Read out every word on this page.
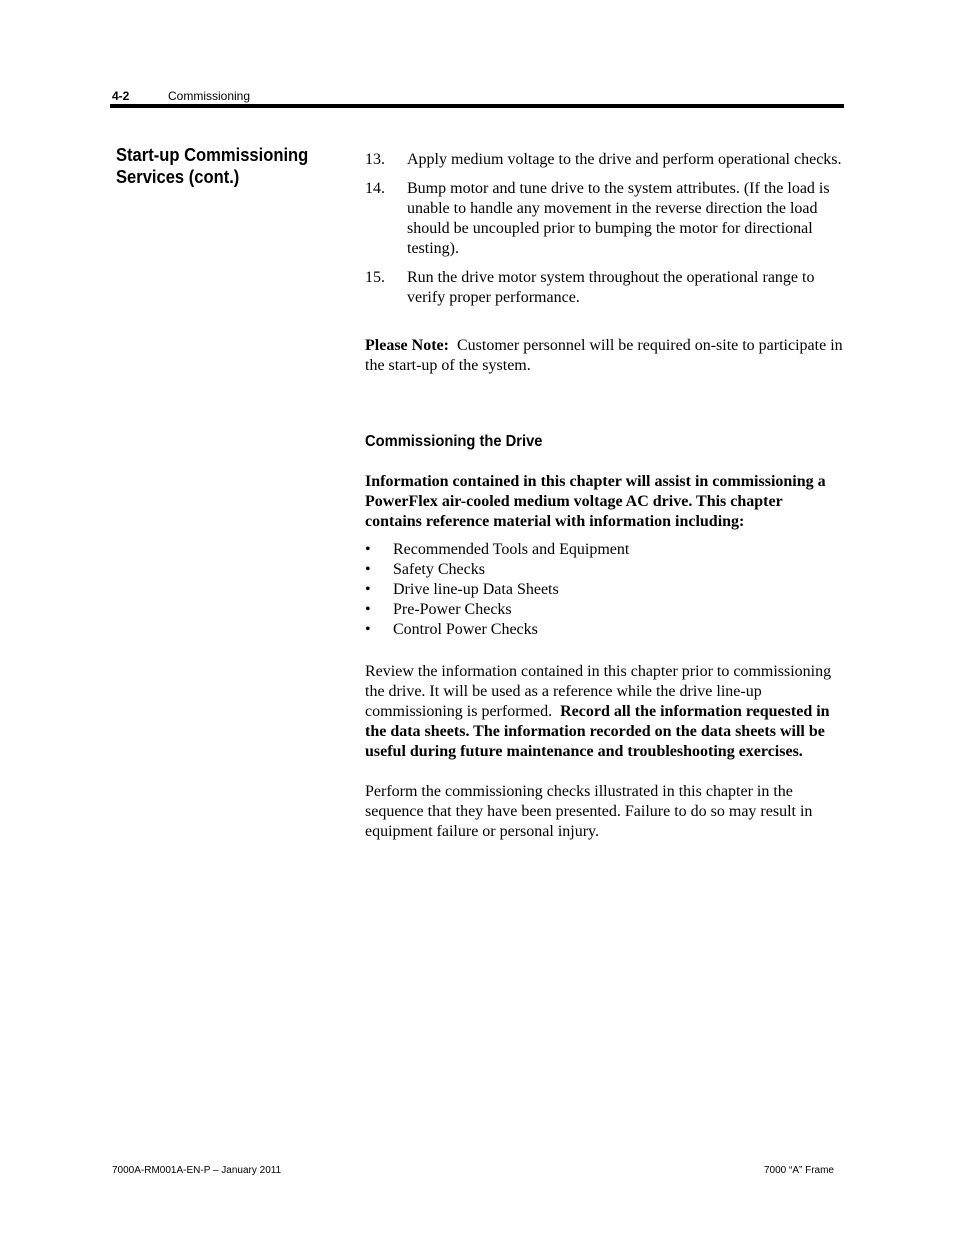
4-2	Commissioning
Start-up Commissioning
Services (cont.)
13. Apply medium voltage to the drive and perform operational checks.
14. Bump motor and tune drive to the system attributes. (If the load is unable to handle any movement in the reverse direction the load should be uncoupled prior to bumping the motor for directional testing).
15. Run the drive motor system throughout the operational range to verify proper performance.
Please Note: Customer personnel will be required on-site to participate in the start-up of the system.
Commissioning the Drive
Information contained in this chapter will assist in commissioning a PowerFlex air-cooled medium voltage AC drive. This chapter contains reference material with information including:
• Recommended Tools and Equipment
• Safety Checks
• Drive line-up Data Sheets
• Pre-Power Checks
• Control Power Checks
Review the information contained in this chapter prior to commissioning the drive. It will be used as a reference while the drive line-up commissioning is performed. Record all the information requested in the data sheets. The information recorded on the data sheets will be useful during future maintenance and troubleshooting exercises.
Perform the commissioning checks illustrated in this chapter in the sequence that they have been presented. Failure to do so may result in equipment failure or personal injury.
7000A-RM001A-EN-P – January 2011	7000 “A” Frame
